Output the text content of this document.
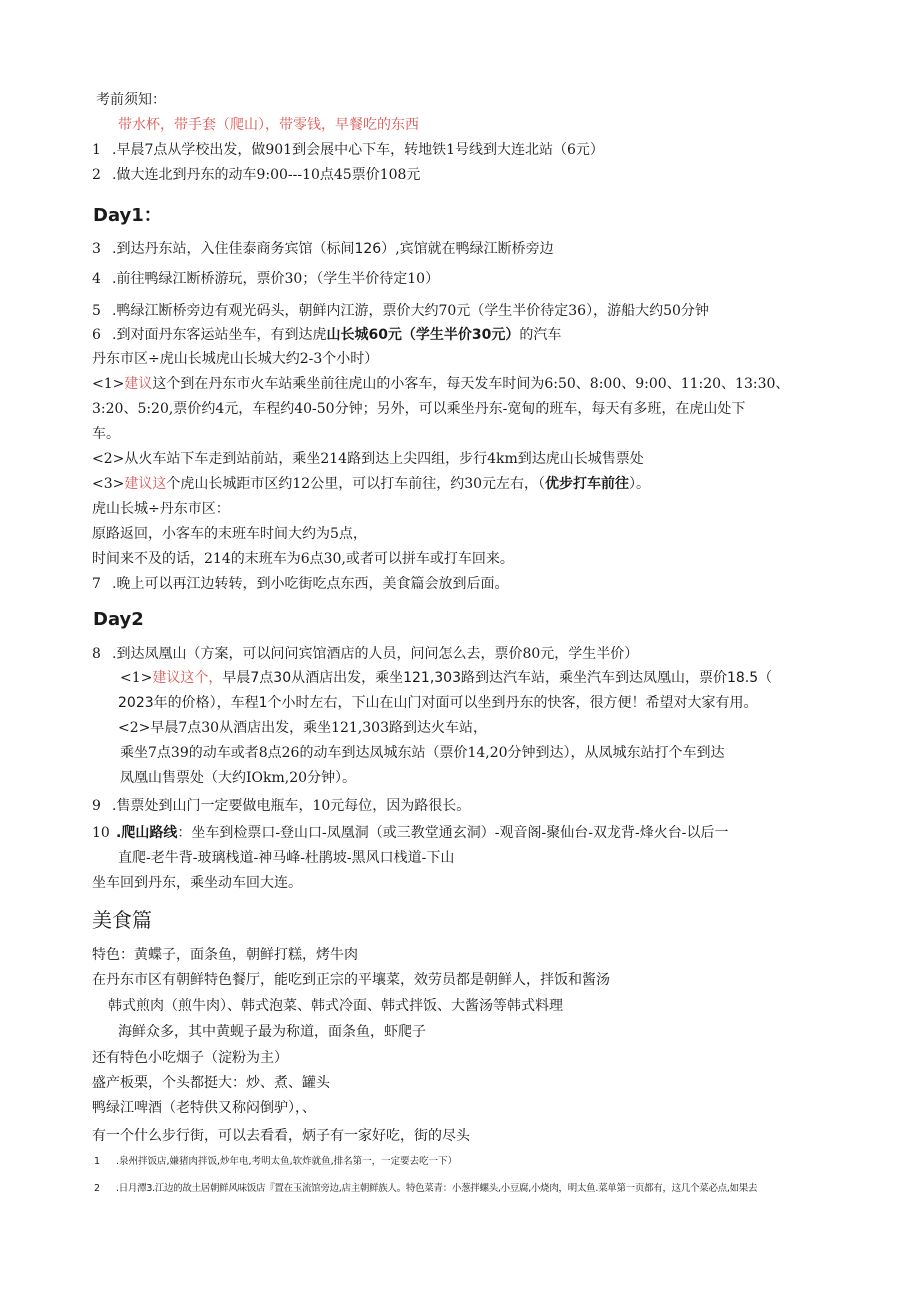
考前须知：
带水杯，带手套（爬山），带零钱，早餐吃的东西
1 .早晨7点从学校出发，做901到会展中心下车，转地铁1号线到大连北站（6元）
2 .做大连北到丹东的动车9:00---10点45票价108元
Day1：
3 .到达丹东站，入住佳泰商务宾馆（标间126）,宾馆就在鸭绿江断桥旁边
4 .前往鸭绿江断桥游玩，票价30；（学生半价待定10）
5 .鸭绿江断桥旁边有观光码头，朝鲜内江游，票价大约70元（学生半价待定36），游船大约50分钟
6 .到对面丹东客运站坐车，有到达虎山长城60元（学生半价30元）的汽车
丹东市区÷虎山长城虎山长城大约2-3个小时）
<1>建议这个到在丹东市火车站乘坐前往虎山的小客车，每天发车时间为6:50、8:00、9:00、11:20、13:30、
3:20、5:20,票价约4元，车程约40-50分钟；另外，可以乘坐丹东-宽甸的班车，每天有多班，在虎山处下
车。
<2>从火车站下车走到站前站，乘坐214路到达上尖四组，步行4km到达虎山长城售票处
<3>建议这个虎山长城距市区约12公里，可以打车前往，约30元左右，（优步打车前往）。
虎山长城÷丹东市区：
原路返回，小客车的末班车时间大约为5点，
时间来不及的话，214的末班车为6点30,或者可以拼车或打车回来。
7 .晚上可以再江边转转，到小吃街吃点东西，美食篇会放到后面。
Day2
8 .到达凤凰山（方案，可以问问宾馆酒店的人员，问问怎么去，票价80元，学生半价）
<1>建议这个，早晨7点30从酒店出发，乘坐121,303路到达汽车站，乘坐汽车到达凤凰山，票价18.5（
2023年的价格），车程1个小时左右，下山在山门对面可以坐到丹东的快客，很方便！希望对大家有用。
<2>早晨7点30从酒店出发，乘坐121,303路到达火车站，
乘坐7点39的动车或者8点26的动车到达凤城东站（票价14,20分钟到达），从凤城东站打个车到达
凤凰山售票处（大约IOkm,20分钟）。
9 .售票处到山门一定要做电瓶车，10元每位，因为路很长。
10 .爬山路线：坐车到检票口-登山口-凤凰洞（或三教堂通玄洞）-观音阁-聚仙台-双龙背-烽火台-以后一
直爬-老牛背-玻璃栈道-神马峰-杜鹃坡-黑风口栈道-下山
坐车回到丹东，乘坐动车回大连。
美食篇
特色：黄蝶子，面条鱼，朝鲜打糕，烤牛肉
在丹东市区有朝鲜特色餐厅，能吃到正宗的平壤菜，效劳员都是朝鲜人，拌饭和酱汤
韩式煎肉（煎牛肉）、韩式泡菜、韩式冷面、韩式拌饭、大酱汤等韩式料理
海鲜众多，其中黄蚬子最为称道，面条鱼，虾爬子
还有特色小吃烟子（淀粉为主）
盛产板栗，个头都挺大：炒、煮、罐头
鸭绿江啤酒（老特供又称闷倒驴），、
有一个什么步行街，可以去看看，炳子有一家好吃，街的尽头
1 .泉州拌饭店,嫌猪肉拌饭,炒年电,考明太鱼,软炸就鱼,排名第一，一定要去吃一下）
2 .日月潭3.江边的故土居朝鲜风味饭店『置在玉流馆旁边,店主朝鲜族人。特色菜青：小葱拌螺头,小豆腐,小烧肉，明太鱼.菜单第一页都有，这几个菜必点,如果去
